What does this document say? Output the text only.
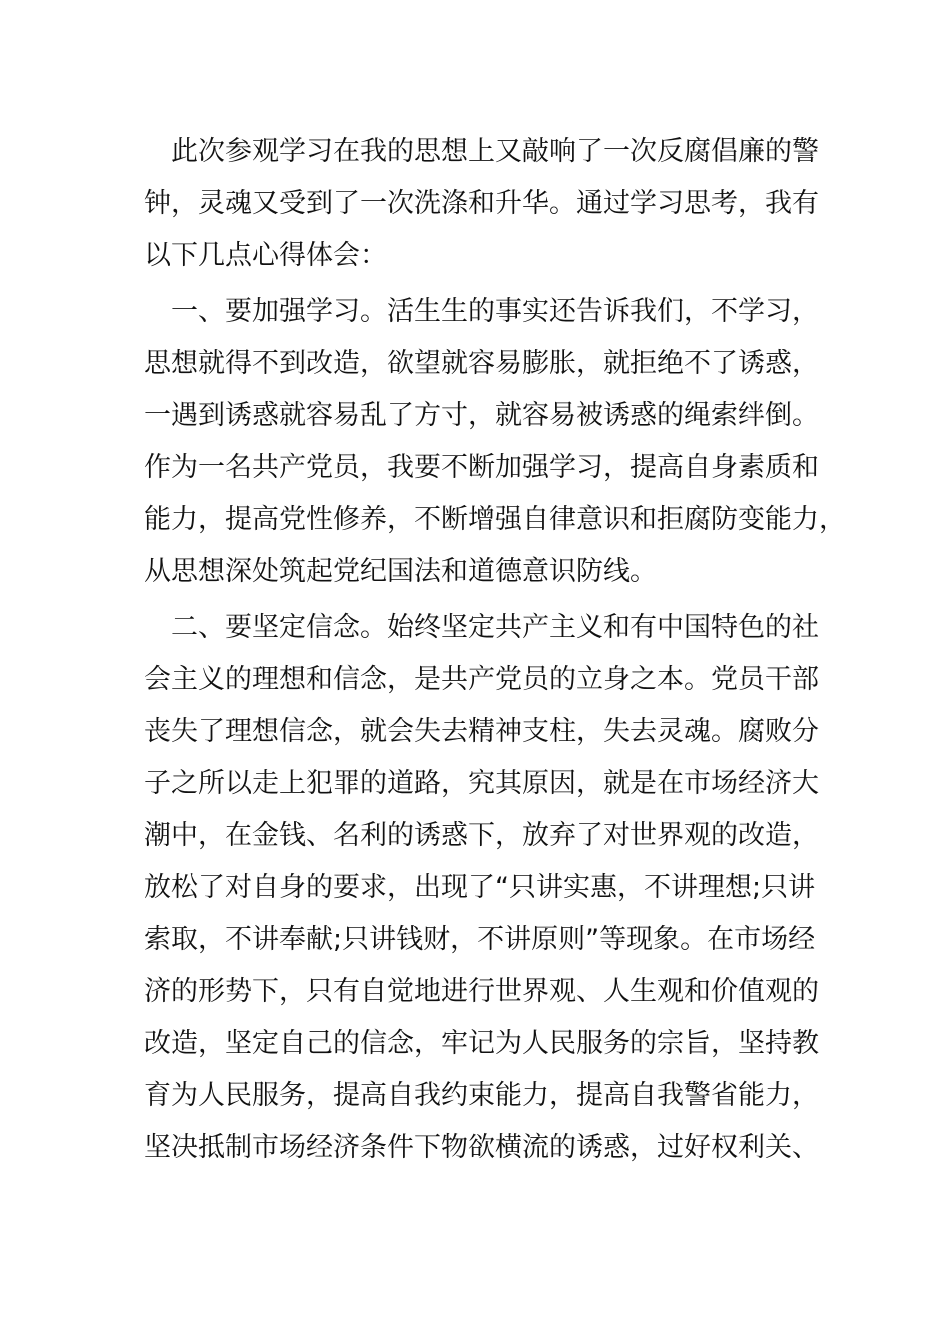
　此次参观学习在我的思想上又敲响了一次反腐倡廉的警
钟，灵魂又受到了一次洗涤和升华。通过学习思考，我有
以下几点心得体会：
　一、要加强学习。活生生的事实还告诉我们，不学习，
思想就得不到改造，欲望就容易膨胀，就拒绝不了诱惑，
一遇到诱惑就容易乱了方寸，就容易被诱惑的绳索绊倒。
作为一名共产党员，我要不断加强学习，提高自身素质和
能力，提高党性修养，不断增强自律意识和拒腐防变能力，
从思想深处筑起党纪国法和道德意识防线。
　二、要坚定信念。始终坚定共产主义和有中国特色的社
会主义的理想和信念，是共产党员的立身之本。党员干部
丧失了理想信念，就会失去精神支柱，失去灵魂。腐败分
子之所以走上犯罪的道路，究其原因，就是在市场经济大
潮中，在金钱、名利的诱惑下，放弃了对世界观的改造，
放松了对自身的要求，出现了“只讲实惠，不讲理想;只讲
索取，不讲奉献;只讲钱财，不讲原则”等现象。在市场经
济的形势下，只有自觉地进行世界观、人生观和价值观的
改造，坚定自己的信念，牢记为人民服务的宗旨，坚持教
育为人民服务，提高自我约束能力，提高自我警省能力，
坚决抵制市场经济条件下物欲横流的诱惑，过好权利关、
